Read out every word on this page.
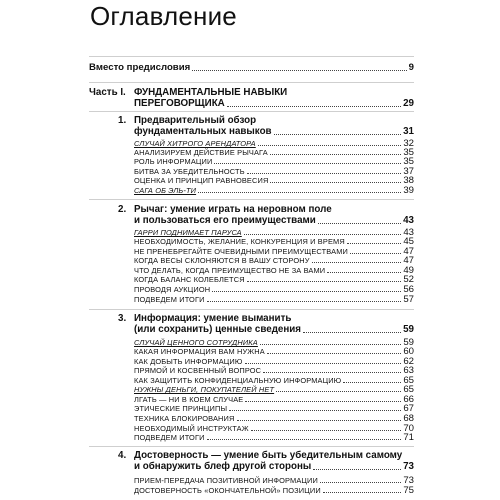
Оглавление
Вместо предисловия	9
Часть I. ФУНДАМЕНТАЛЬНЫЕ НАВЫКИ
ПЕРЕГОВОРЩИКА	29
1. Предварительный обзор
фундаментальных навыков	31
СЛУЧАЙ ХИТРОГО АРЕНДАТОРА	32
АНАЛИЗИРУЕМ ДЕЙСТВИЕ РЫЧАГА	35
РОЛЬ ИНФОРМАЦИИ	35
БИТВА ЗА УБЕДИТЕЛЬНОСТЬ	37
ОЦЕНКА И ПРИНЦИП РАВНОВЕСИЯ	38
САГА ОБ ЭЛЬ-ТИ	39
2. Рычаг: умение играть на неровном поле
и пользоваться его преимуществами	43
ГАРРИ ПОДНИМАЕТ ПАРУСА	43
НЕОБХОДИМОСТЬ, ЖЕЛАНИЕ, КОНКУРЕНЦИЯ И ВРЕМЯ	45
НЕ ПРЕНЕБРЕГАЙТЕ ОЧЕВИДНЫМИ ПРЕИМУЩЕСТВАМИ	47
КОГДА ВЕСЫ СКЛОНЯЮТСЯ В ВАШУ СТОРОНУ	47
ЧТО ДЕЛАТЬ, КОГДА ПРЕИМУЩЕСТВО НЕ ЗА ВАМИ	49
КОГДА БАЛАНС КОЛЕБЛЕТСЯ	52
ПРОВОДЯ АУКЦИОН	56
ПОДВЕДЕМ ИТОГИ	57
3. Информация: умение выманить
(или сохранить) ценные сведения	59
СЛУЧАЙ ЦЕННОГО СОТРУДНИКА	59
КАКАЯ ИНФОРМАЦИЯ ВАМ НУЖНА	60
КАК ДОБЫТЬ ИНФОРМАЦИЮ	62
ПРЯМОЙ И КОСВЕННЫЙ ВОПРОС	63
КАК ЗАЩИТИТЬ КОНФИДЕНЦИАЛЬНУЮ ИНФОРМАЦИЮ	65
НУЖНЫ ДЕНЬГИ, ПОКУПАТЕЛЕЙ НЕТ	65
ЛГАТЬ — НИ В КОЕМ СЛУЧАЕ	66
ЭТИЧЕСКИЕ ПРИНЦИПЫ	67
ТЕХНИКА БЛОКИРОВАНИЯ	68
НЕОБХОДИМЫЙ ИНСТРУКТАЖ	70
ПОДВЕДЕМ ИТОГИ	71
4. Достоверность — умение быть убедительным самому
и обнаружить блеф другой стороны	73
ПРИЕМ-ПЕРЕДАЧА ПОЗИТИВНОЙ ИНФОРМАЦИИ	73
ДОСТОВЕРНОСТЬ «ОКОНЧАТЕЛЬНОЙ» ПОЗИЦИИ	75
